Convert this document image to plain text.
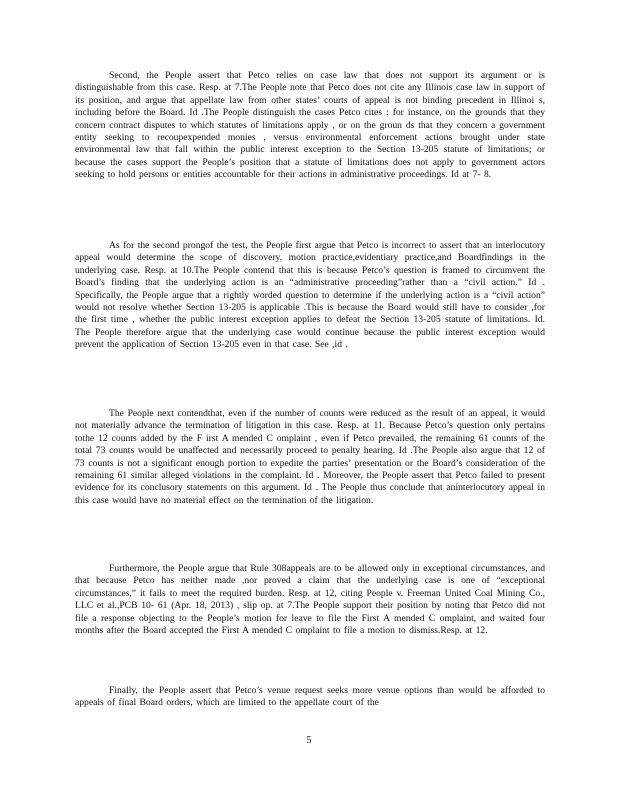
Second, the People assert that Petco relies on case law that does not support its argument or is distinguishable from this case. Resp. at 7.The People note that Petco does not cite any Illinois case law in support of its position, and argue that appellate law from other states’ courts of appeal is not binding precedent in Illinoi s, including before the Board. Id .The People distinguish the cases Petco cites : for instance, on the grounds that they concern contract disputes to which statutes of limitations apply , or on the groun ds that they concern a government entity seeking to recoupexpended monies , versus environmental enforcement actions brought under state environmental law that fall within the public interest exception to the Section 13-205 statute of limitations; or because the cases support the People’s position that a statute of limitations does not apply to government actors seeking to hold persons or entities accountable for their actions in administrative proceedings. Id at 7- 8.

As for the second prongof the test, the People first argue that Petco is incorrect to assert that an interlocutory appeal would determine the scope of discovery, motion practice,evidentiary practice,and Boardfindings in the underlying case. Resp. at 10.The People contend that this is because Petco’s question is framed to circumvent the Board’s finding that the underlying action is an “administrative proceeding”rather than a “civil action.” Id . Specifically, the People argue that a rightly worded question to determine if the underlying action is a “civil action” would not resolve whether Section 13-205 is applicable .This is because the Board would still have to consider ,for the first time , whether the public interest exception applies to defeat the Section 13-205 statute of limitations. Id. The People therefore argue that the underlying case would continue because the public interest exception would prevent the application of Section 13-205 even in that case. See ,id .

The People next contendthat, even if the number of counts were reduced as the result of an appeal, it would not materially advance the termination of litigation in this case. Resp. at 11. Because Petco’s question only pertains tothe 12 counts added by the F irst A mended C omplaint , even if Petco prevailed, the remaining 61 counts of the total 73 counts would be unaffected and necessarily proceed to penalty hearing. Id .The People also argue that 12 of 73 counts is not a significant enough portion to expedite the parties’ presentation or the Board’s consideration of the remaining 61 similar alleged violations in the complaint. Id . Moreover, the People assert that Petco failed to present evidence for its conclusory statements on this argument. Id . The People thus conclude that aninterlocutory appeal in this case would have no material effect on the termination of the litigation.

Furthermore, the People argue that Rule 308appeals are to be allowed only in exceptional circumstances, and that because Petco has neither made ,nor proved a claim that the underlying case is one of “exceptional circumstances,” it fails to meet the required burden. Resp. at 12, citing People v. Freeman United Coal Mining Co., LLC et al.,PCB 10- 61 (Apr. 18, 2013) , slip op. at 7.The People support their position by noting that Petco did not file a response objecting to the People’s motion for leave to file the First A mended C omplaint, and waited four months after the Board accepted the First A mended C omplaint to file a motion to dismiss.Resp. at 12.

Finally, the People assert that Petco’s venue request seeks more venue options than would be afforded to appeals of final Board orders, which are limited to the appellate court of the

5
